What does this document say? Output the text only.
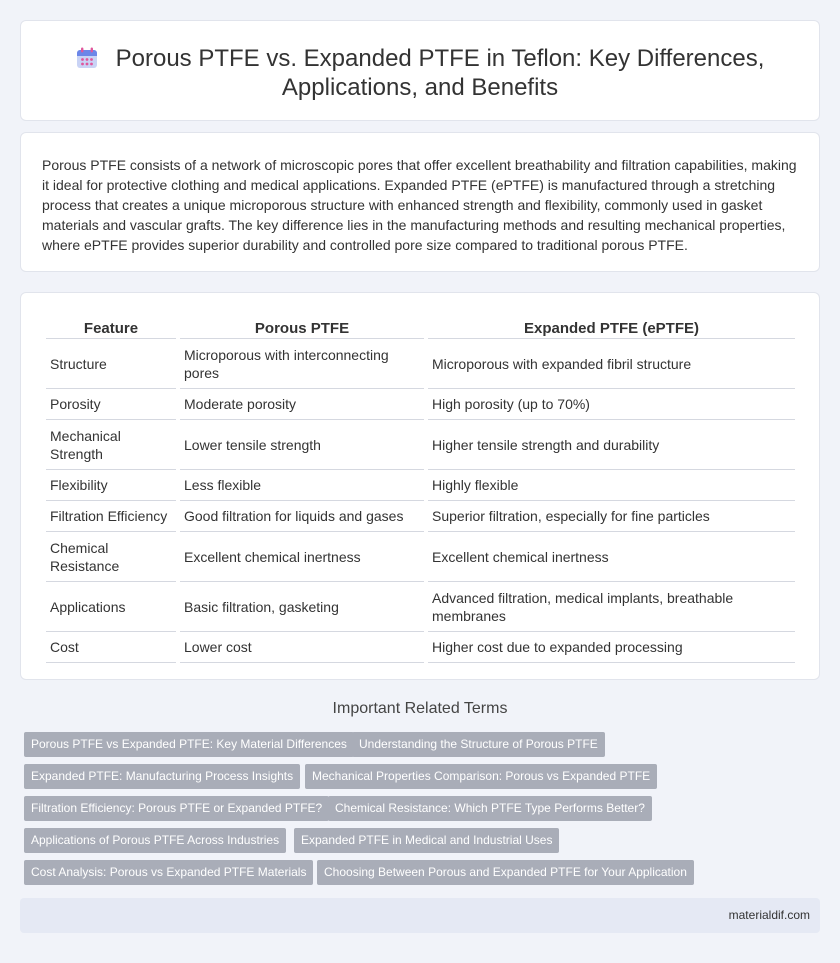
Porous PTFE vs. Expanded PTFE in Teflon: Key Differences, Applications, and Benefits

Porous PTFE consists of a network of microscopic pores that offer excellent breathability and filtration capabilities, making it ideal for protective clothing and medical applications. Expanded PTFE (ePTFE) is manufactured through a stretching process that creates a unique microporous structure with enhanced strength and flexibility, commonly used in gasket materials and vascular grafts. The key difference lies in the manufacturing methods and resulting mechanical properties, where ePTFE provides superior durability and controlled pore size compared to traditional porous PTFE.

Feature	Porous PTFE	Expanded PTFE (ePTFE)
Structure	Microporous with interconnecting pores	Microporous with expanded fibril structure
Porosity	Moderate porosity	High porosity (up to 70%)
Mechanical Strength	Lower tensile strength	Higher tensile strength and durability
Flexibility	Less flexible	Highly flexible
Filtration Efficiency	Good filtration for liquids and gases	Superior filtration, especially for fine particles
Chemical Resistance	Excellent chemical inertness	Excellent chemical inertness
Applications	Basic filtration, gasketing	Advanced filtration, medical implants, breathable membranes
Cost	Lower cost	Higher cost due to expanded processing
Important Related Terms
Porous PTFE vs Expanded PTFE: Key Material Differences	Understanding the Structure of Porous PTFE
Expanded PTFE: Manufacturing Process Insights	Mechanical Properties Comparison: Porous vs Expanded PTFE
Filtration Efficiency: Porous PTFE or Expanded PTFE?	Chemical Resistance: Which PTFE Type Performs Better?
Applications of Porous PTFE Across Industries	Expanded PTFE in Medical and Industrial Uses
Cost Analysis: Porous vs Expanded PTFE Materials	Choosing Between Porous and Expanded PTFE for Your Application
materialdif.com
